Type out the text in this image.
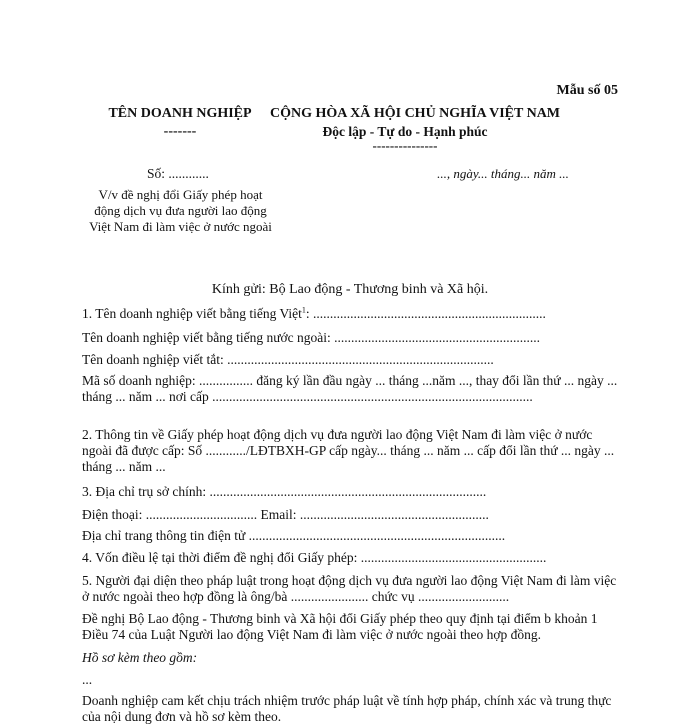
Mẫu số 05
TÊN DOANH NGHIỆP
-------
CỘNG HÒA XÃ HỘI CHỦ NGHĨA VIỆT NAM
Độc lập - Tự do - Hạnh phúc
---------------
Số: ............
V/v đề nghị đổi Giấy phép hoạt động dịch vụ đưa người lao động Việt Nam đi làm việc ở nước ngoài
..., ngày... tháng... năm ...
Kính gửi: Bộ Lao động - Thương binh và Xã hội.
1. Tên doanh nghiệp viết bằng tiếng Việt$^1$: .....................................................................
Tên doanh nghiệp viết bằng tiếng nước ngoài: .............................................................
Tên doanh nghiệp viết tắt: ...............................................................................
Mã số doanh nghiệp: ................ đăng ký lần đầu ngày ... tháng ...năm ..., thay đổi lần thứ ... ngày ... tháng ... năm ... nơi cấp ...............................................................................................
2. Thông tin về Giấy phép hoạt động dịch vụ đưa người lao động Việt Nam đi làm việc ở nước ngoài đã được cấp: Số ............/LĐTBXH-GP cấp ngày... tháng ... năm ... cấp đổi lần thứ ... ngày ... tháng ... năm ...
3. Địa chỉ trụ sở chính: ..................................................................................
Điện thoại: ................................. Email: ........................................................
Địa chỉ trang thông tin điện tử ............................................................................
4. Vốn điều lệ tại thời điểm đề nghị đổi Giấy phép: .......................................................
5. Người đại diện theo pháp luật trong hoạt động dịch vụ đưa người lao động Việt Nam đi làm việc ở nước ngoài theo hợp đồng là ông/bà ....................... chức vụ ...........................
Đề nghị Bộ Lao động - Thương binh và Xã hội đổi Giấy phép theo quy định tại điểm b khoản 1 Điều 74 của Luật Người lao động Việt Nam đi làm việc ở nước ngoài theo hợp đồng.
Hồ sơ kèm theo gồm:
...
Doanh nghiệp cam kết chịu trách nhiệm trước pháp luật về tính hợp pháp, chính xác và trung thực của nội dung đơn và hồ sơ kèm theo.
